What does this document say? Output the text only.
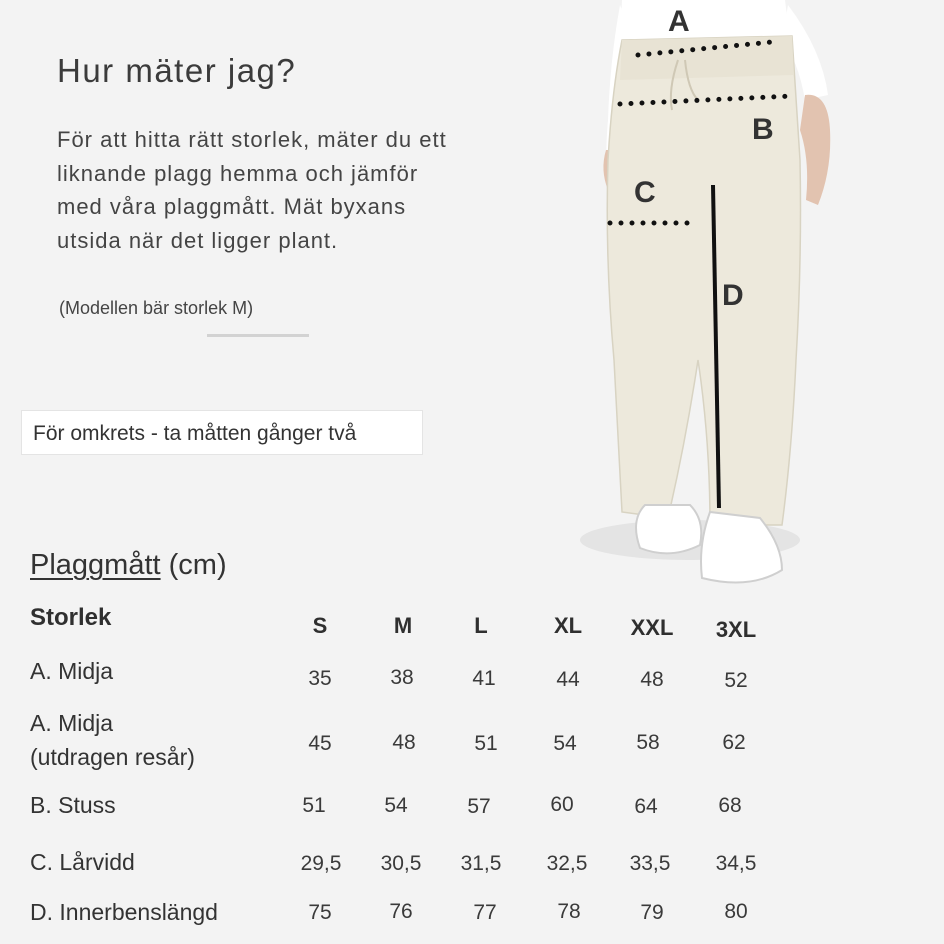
Hur mäter jag?
För att hitta rätt storlek, mäter du ett
liknande plagg hemma och jämför
med våra plaggmått. Mät byxans
utsida när det ligger plant.
(Modellen bär storlek M)
För omkrets - ta måtten gånger två
A
B
C
D
Plaggmått (cm)
Storlek	S	M	L	XL XXL 3XL
A. Midja	35	38	41	44	48	52
A. Midja
(utdragen resår)
45	48	51	54	58	62
B. Stuss	51	54	57	60	64	68
C. Lårvidd	29,5 30,5 31,5 32,5 33,5 34,5
D. Innerbenslängd	75	76	77	78	79	80
